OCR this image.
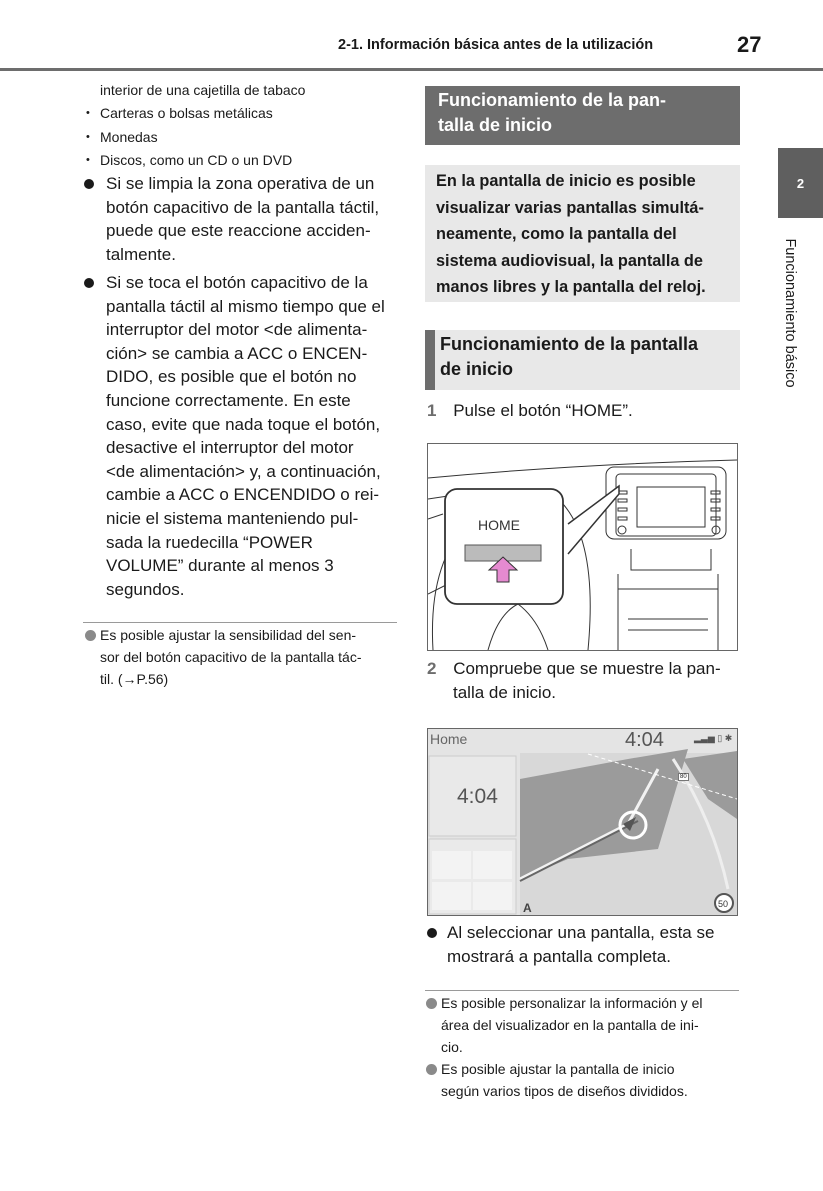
2-1. Información básica antes de la utilización	27
2
Funcionamiento básico
interior de una cajetilla de tabaco
• Carteras o bolsas metálicas
• Monedas
• Discos, como un CD o un DVD
Si se limpia la zona operativa de un
botón capacitivo de la pantalla táctil,
puede que este reaccione acciden-
talmente.
Si se toca el botón capacitivo de la
pantalla táctil al mismo tiempo que el
interruptor del motor <de alimenta-
ción> se cambia a ACC o ENCEN-
DIDO, es posible que el botón no
funcione correctamente. En este
caso, evite que nada toque el botón,
desactive el interruptor del motor
<de alimentación> y, a continuación,
cambie a ACC o ENCENDIDO o rei-
nicie el sistema manteniendo pul-
sada la ruedecilla “POWER
VOLUME” durante al menos 3
segundos.
Es posible ajustar la sensibilidad del sen-
sor del botón capacitivo de la pantalla tác-
til. (→P.56)
Funcionamiento de la pan-
talla de inicio
En la pantalla de inicio es posible
visualizar varias pantallas simultá-
neamente, como la pantalla del
sistema audiovisual, la pantalla de
manos libres y la pantalla del reloj.
Funcionamiento de la pantalla
de inicio
1 Pulse el botón “HOME”.
HOME
2 Compruebe que se muestre la pan-
talla de inicio.
Home	4:04	▂▃▅ ▯ ✱
4:04
80
50
A
Al seleccionar una pantalla, esta se
mostrará a pantalla completa.
Es posible personalizar la información y el
área del visualizador en la pantalla de ini-
cio.
Es posible ajustar la pantalla de inicio
según varios tipos de diseños divididos.
